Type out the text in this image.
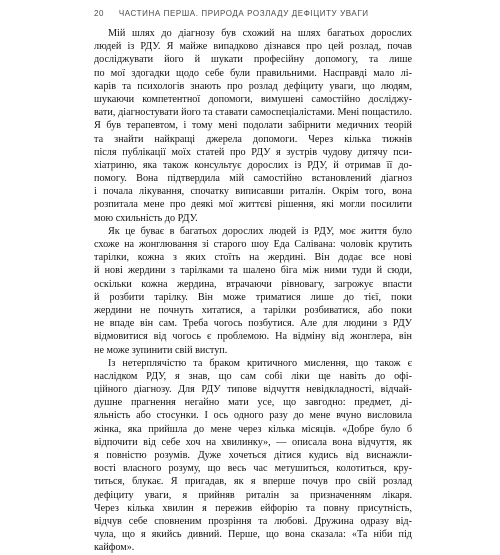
20 ЧАСТИНА ПЕРША. ПРИРОДА РОЗЛАДУ ДЕФІЦИТУ УВАГИ
Мій шлях до діагнозу був схожий на шлях багатьох дорослих
людей із РДУ. Я майже випадково дізнався про цей розлад, почав
досліджувати його й шукати професійну допомогу, та лише
по мої здогадки щодо себе були правильними. Насправді мало лі-
карів та психологів знають про розлад дефіциту уваги, що людям,
шукаючи компетентної допомоги, вимушені самостійно досліджу-
вати, діагностувати його та ставати самоспеціалістами. Мені пощастило.
Я був терапевтом, і тому мені подолати забірнити медичних теорій
та знайти найкращі джерела допомоги. Через кілька тижнів
після публікації моїх статей про РДУ я зустрів чудову дитячу пси-
хіатриню, яка також консультує дорослих із РДУ, й отримав її до-
помогу. Вона підтвердила мій самостійно встановлений діагноз
і почала лікування, спочатку виписавши риталін. Окрім того, вона
розпитала мене про деякі мої життєві рішення, які могли посилити
мою схильність до РДУ.
Як це буває в багатьох дорослих людей із РДУ, моє життя було
схоже на жонглювання зі старого шоу Еда Салівана: чоловік крутить
тарілки, кожна з яких стоїть на жердині. Він додає все нові
й нові жердини з тарілками та шалено біга між ними туди й сюди,
оскільки кожна жердина, втрачаючи рівновагу, загрожує впасти
й розбити тарілку. Він може триматися лише до тієї, поки
жердини не почнуть хитатися, а тарілки розбиватися, або поки
не впаде він сам. Треба чогось позбутися. Але для людини з РДУ
відмовитися від чогось є проблемою. На відміну від жонглера, він
не може зупинити свій виступ.
Із нетерплячістю та браком критичного мислення, що також є
наслідком РДУ, я знав, що сам собі ліки ще навіть до офі-
ційного діагнозу. Для РДУ типове відчуття невідкладності, відчай-
душне прагнення негайно мати усе, що завгодно: предмет, ді-
яльність або стосунки. І ось одного разу до мене вчуно висловила
жінка, яка прийшла до мене через кілька місяців. «Добре було б
відпочити від себе хоч на хвилинку», — описала вона відчуття, як
я повністю розумів. Дуже хочеться дітися кудись від виснажли-
вості власного розуму, що весь час метушиться, колотиться, кру-
титься, блукає. Я пригадав, як я вперше почув про свій розлад
дефіциту уваги, я прийняв риталін за призначенням лікаря.
Через кілька хвилин я пережив ейфорію та повну присутність,
відчув себе сповненим прозріння та любові. Дружина одразу від-
чула, що я якийсь дивний. Перше, що вона сказала: «Та ніби під
кайфом».
